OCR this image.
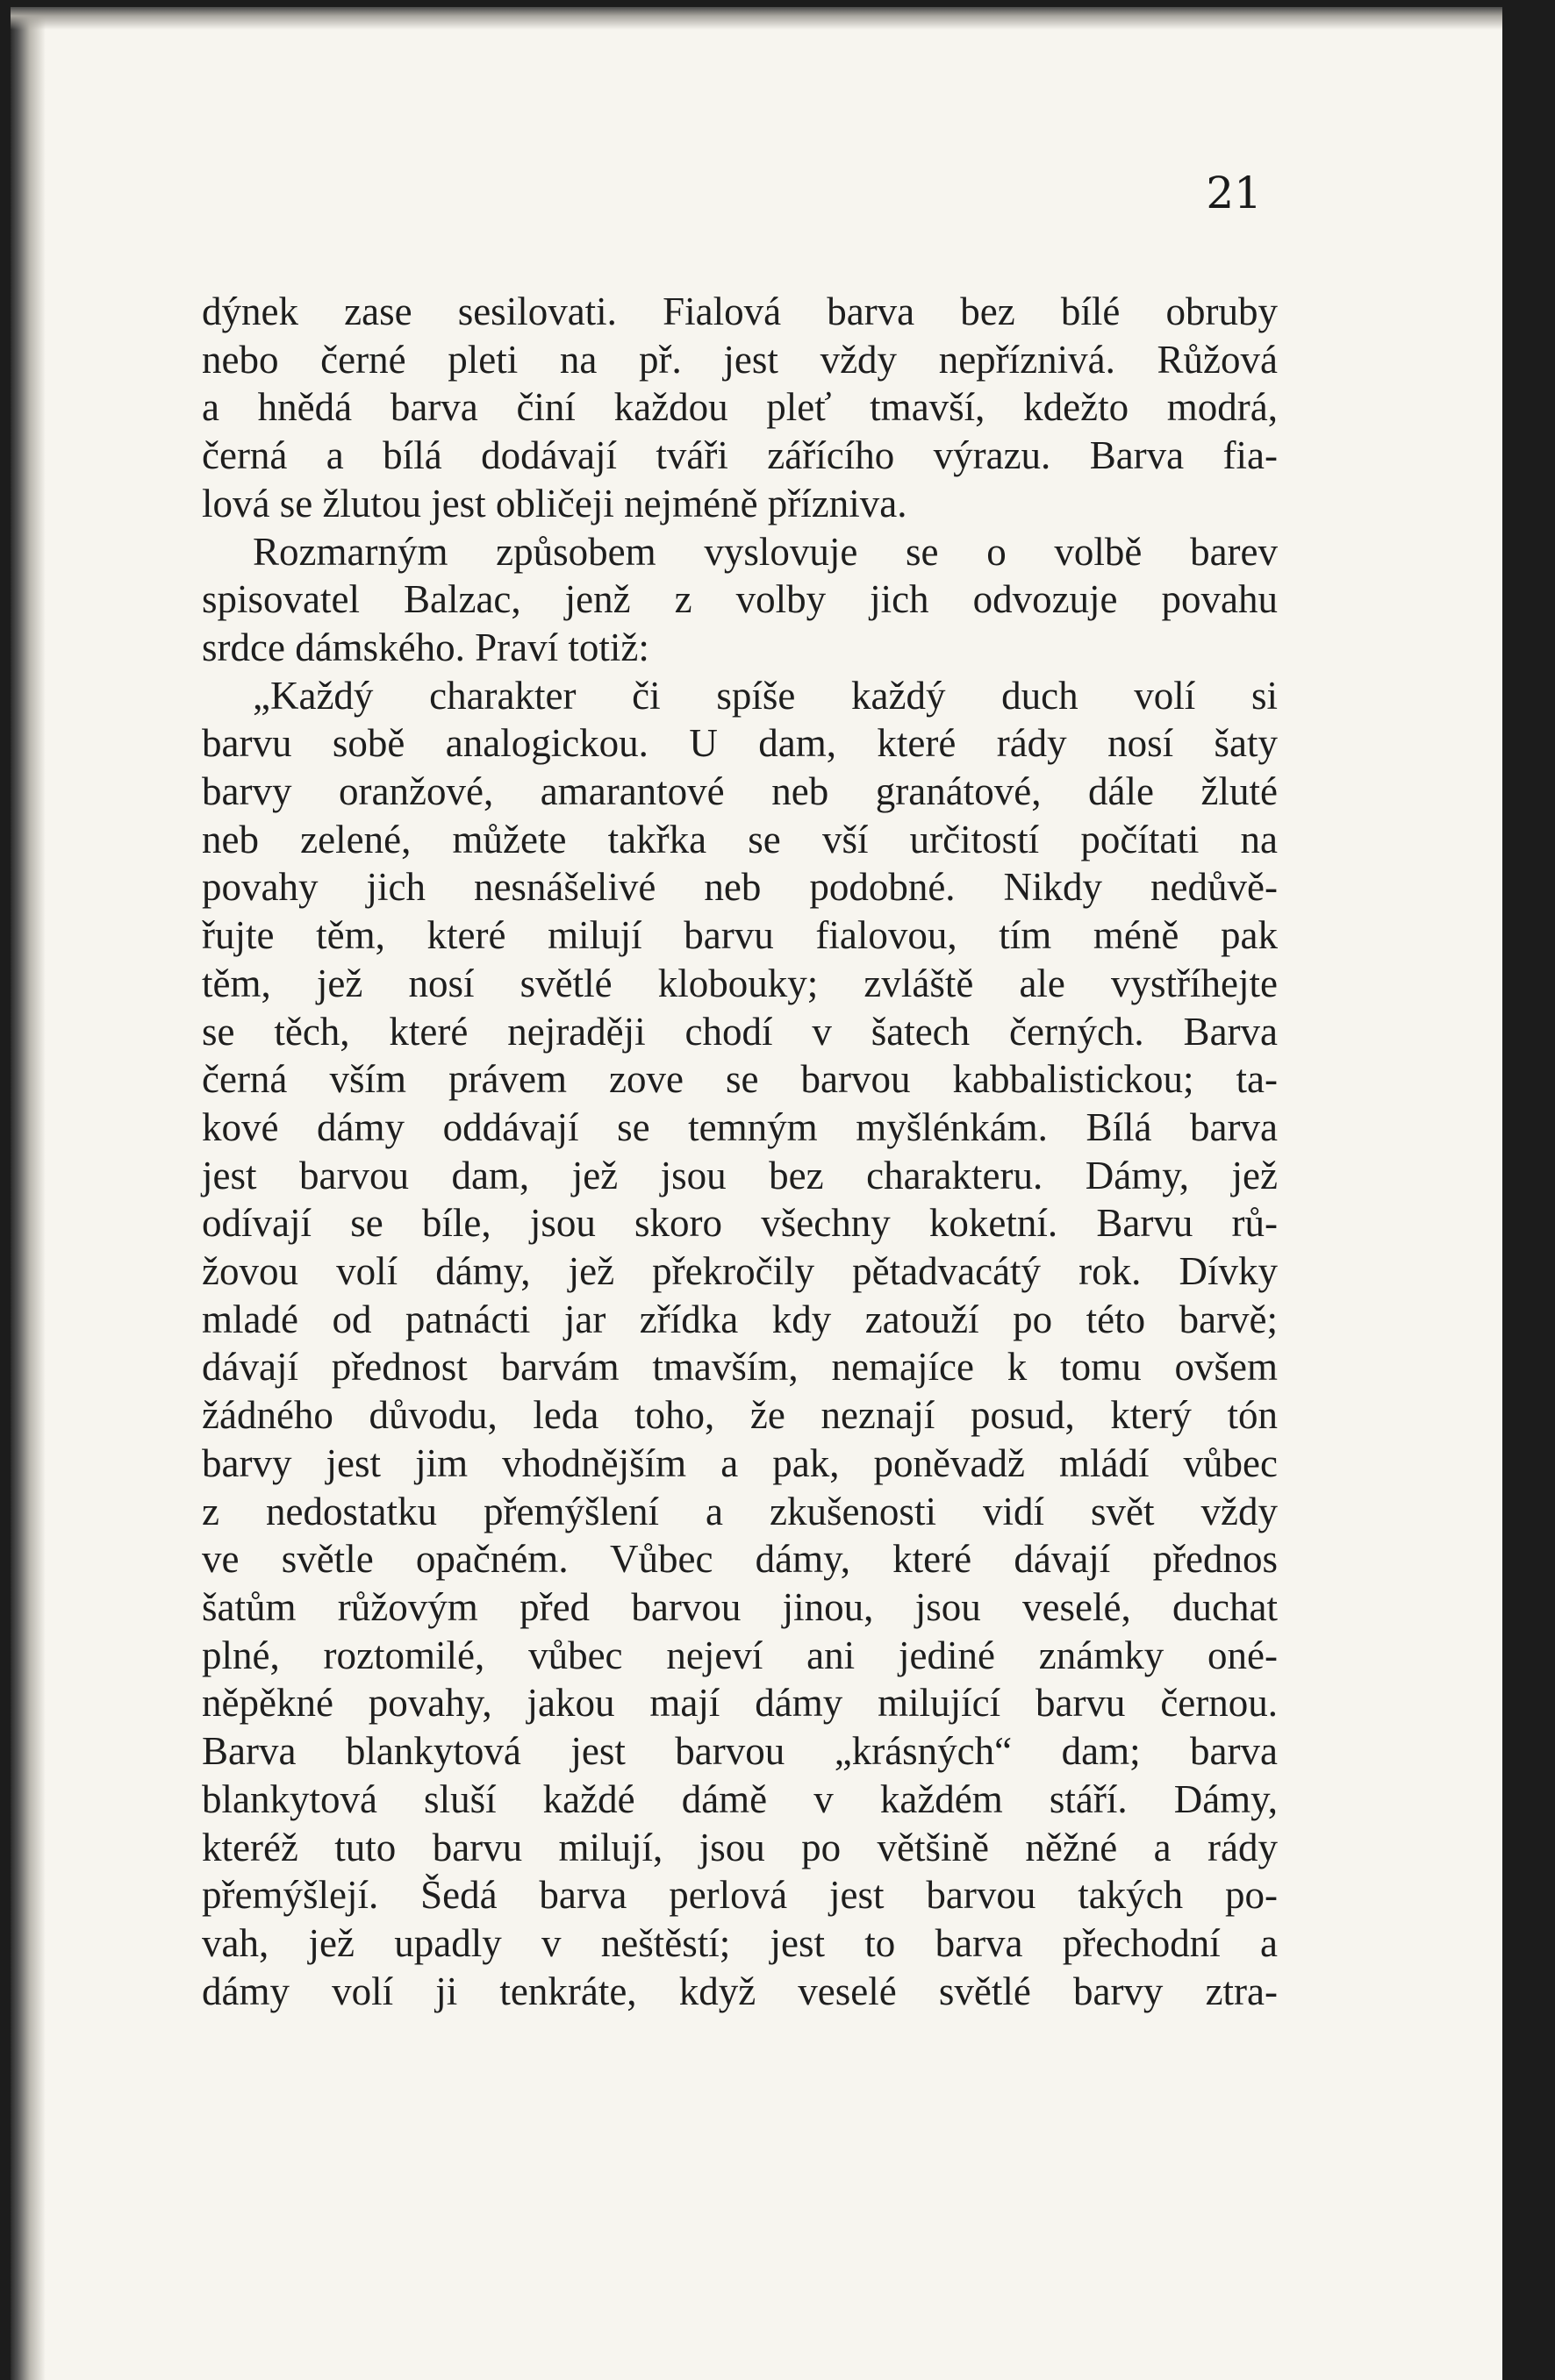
21
dýnek zase sesilovati. Fialová barva bez bílé obruby
nebo černé pleti na př. jest vždy nepříznivá. Růžová
a hnědá barva činí každou pleť tmavší, kdežto modrá,
černá a bílá dodávají tváři zářícího výrazu. Barva fia-
lová se žlutou jest obličeji nejméně přízniva.
Rozmarným způsobem vyslovuje se o volbě barev
spisovatel Balzac, jenž z volby jich odvozuje povahu
srdce dámského. Praví totiž:
„Každý charakter či spíše každý duch volí si
barvu sobě analogickou. U dam, které rády nosí šaty
barvy oranžové, amarantové neb granátové, dále žluté
neb zelené, můžete takřka se vší určitostí počítati na
povahy jich nesnášelivé neb podobné. Nikdy nedůvě-
řujte těm, které milují barvu fialovou, tím méně pak
těm, jež nosí světlé klobouky; zvláště ale vystříhejte
se těch, které nejraději chodí v šatech černých. Barva
černá vším právem zove se barvou kabbalistickou; ta-
kové dámy oddávají se temným myšlénkám. Bílá barva
jest barvou dam, jež jsou bez charakteru. Dámy, jež
odívají se bíle, jsou skoro všechny koketní. Barvu rů-
žovou volí dámy, jež překročily pětadvacátý rok. Dívky
mladé od patnácti jar zřídka kdy zatouží po této barvě;
dávají přednost barvám tmavším, nemajíce k tomu ovšem
žádného důvodu, leda toho, že neznají posud, který tón
barvy jest jim vhodnějším a pak, poněvadž mládí vůbec
z nedostatku přemýšlení a zkušenosti vidí svět vždy
ve světle opačném. Vůbec dámy, které dávají přednos
šatům růžovým před barvou jinou, jsou veselé, duchat
plné, roztomilé, vůbec nejeví ani jediné známky oné-
něpěkné povahy, jakou mají dámy milující barvu černou.
Barva blankytová jest barvou „krásných“ dam; barva
blankytová sluší každé dámě v každém stáří. Dámy,
kteréž tuto barvu milují, jsou po většině něžné a rády
přemýšlejí. Šedá barva perlová jest barvou takých po-
vah, jež upadly v neštěstí; jest to barva přechodní a
dámy volí ji tenkráte, když veselé světlé barvy ztra-
